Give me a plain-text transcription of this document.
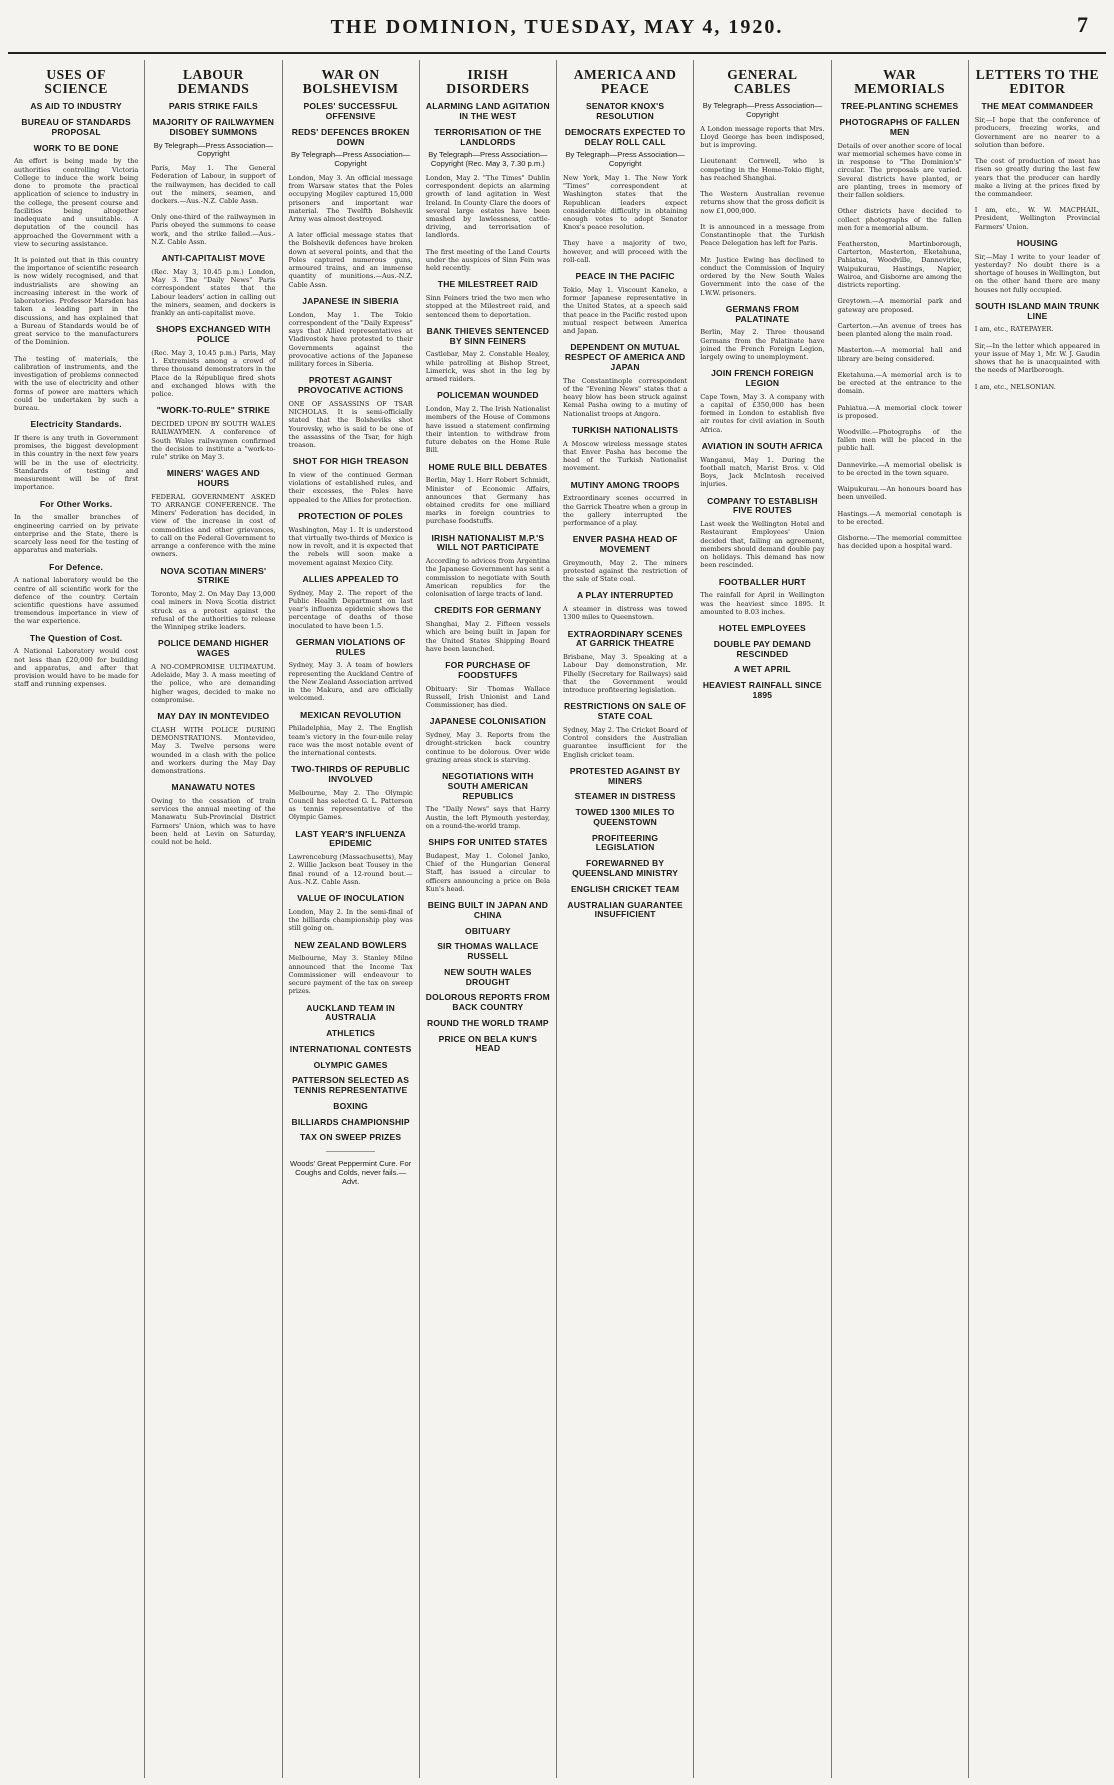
THE DOMINION, TUESDAY, MAY 4, 1920.	7
USES OF SCIENCE
AS AID TO INDUSTRY
BUREAU OF STANDARDS PROPOSAL
WORK TO BE DONE

An effort is being made by the authorities controlling Victoria College to induce the work being done to promote the practical application of science to industry in the college, the present course and facilities being altogether inadequate and unsuitable. A deputation of the council has approached the Government with a view to securing assistance.

It is pointed out that in this country the importance of scientific research is now widely recognised, and that industrialists are showing an increasing interest in the work of laboratories. Professor Marsden has taken a leading part in the discussions, and has explained that a Bureau of Standards would be of great service to the manufacturers of the Dominion.

The testing of materials, the calibration of instruments, and the investigation of problems connected with the use of electricity and other forms of power are matters which could be undertaken by such a bureau.

Electricity Standards.

If there is any truth in Government promises, the biggest development in this country in the next few years will be in the use of electricity. Standards of testing and measurement will be of first importance.

For Other Works.

In the smaller branches of engineering carried on by private enterprise and the State, there is scarcely less need for the testing of apparatus and materials.

For Defence.

A national laboratory would be the centre of all scientific work for the defence of the country. Certain scientific questions have assumed tremendous importance in view of the war experience.

The Question of Cost.

A National Laboratory would cost not less than £20,000 for building and apparatus, and after that provision would have to be made for staff and running expenses.

LABOUR DEMANDS
PARIS STRIKE FAILS
MAJORITY OF RAILWAYMEN DISOBEY SUMMONS
By Telegraph—Press Association—Copyright

Paris, May 1. The General Federation of Labour, in support of the railwaymen, has decided to call out the miners, seamen, and dockers.—Aus.-N.Z. Cable Assn.

Only one-third of the railwaymen in Paris obeyed the summons to cease work, and the strike failed.—Aus.-N.Z. Cable Assn.

ANTI-CAPITALIST MOVE

(Rec. May 3, 10.45 p.m.) London, May 3. The "Daily News" Paris correspondent states that the Labour leaders' action in calling out the miners, seamen, and dockers is frankly an anti-capitalist move.

SHOPS EXCHANGED WITH POLICE

(Rec. May 3, 10.45 p.m.) Paris, May 1. Extremists among a crowd of three thousand demonstrators in the Place de la République fired shots and exchanged blows with the police.

"WORK-TO-RULE" STRIKE

DECIDED UPON BY SOUTH WALES RAILWAYMEN. A conference of South Wales railwaymen confirmed the decision to institute a "work-to-rule" strike on May 3.

MINERS' WAGES AND HOURS

FEDERAL GOVERNMENT ASKED TO ARRANGE CONFERENCE. The Miners' Federation has decided, in view of the increase in cost of commodities and other grievances, to call on the Federal Government to arrange a conference with the mine owners.

NOVA SCOTIAN MINERS' STRIKE

Toronto, May 2. On May Day 13,000 coal miners in Nova Scotia district struck as a protest against the refusal of the authorities to release the Winnipeg strike leaders.

POLICE DEMAND HIGHER WAGES

A NO-COMPROMISE ULTIMATUM. Adelaide, May 3. A mass meeting of the police, who are demanding higher wages, decided to make no compromise.

MAY DAY IN MONTEVIDEO

CLASH WITH POLICE DURING DEMONSTRATIONS. Montevideo, May 3. Twelve persons were wounded in a clash with the police and workers during the May Day demonstrations.

MANAWATU NOTES

Owing to the cessation of train services the annual meeting of the Manawatu Sub-Provincial District Farmers' Union, which was to have been held at Levin on Saturday, could not be held.

WAR ON BOLSHEVISM
POLES' SUCCESSFUL OFFENSIVE
REDS' DEFENCES BROKEN DOWN
By Telegraph—Press Association—Copyright

London, May 3. An official message from Warsaw states that the Poles occupying Mogilev captured 15,000 prisoners and important war material. The Twelfth Bolshevik Army was almost destroyed.

A later official message states that the Bolshevik defences have broken down at several points, and that the Poles captured numerous guns, armoured trains, and an immense quantity of munitions.—Aus.-N.Z. Cable Assn.

JAPANESE IN SIBERIA

London, May 1. The Tokio correspondent of the "Daily Express" says that Allied representatives at Vladivostok have protested to their Governments against the provocative actions of the Japanese military forces in Siberia.

PROTEST AGAINST PROVOCATIVE ACTIONS

ONE OF ASSASSINS OF TSAR NICHOLAS. It is semi-officially stated that the Bolsheviks shot Yourovsky, who is said to be one of the assassins of the Tsar, for high treason.

SHOT FOR HIGH TREASON

In view of the continued German violations of established rules, and their excesses, the Poles have appealed to the Allies for protection.

PROTECTION OF POLES

Washington, May 1. It is understood that virtually two-thirds of Mexico is now in revolt, and it is expected that the rebels will soon make a movement against Mexico City.

ALLIES APPEALED TO

Sydney, May 2. The report of the Public Health Department on last year's influenza epidemic shows the percentage of deaths of those inoculated to have been 1.5.

GERMAN VIOLATIONS OF RULES

Sydney, May 3. A team of bowlers representing the Auckland Centre of the New Zealand Association arrived in the Makura, and are officially welcomed.

MEXICAN REVOLUTION

Philadelphia, May 2. The English team's victory in the four-mile relay race was the most notable event of the international contests.

TWO-THIRDS OF REPUBLIC INVOLVED

Melbourne, May 2. The Olympic Council has selected G. L. Patterson as tennis representative of the Olympic Games.

LAST YEAR'S INFLUENZA EPIDEMIC

Lawrenceburg (Massachusetts), May 2. Willie Jackson beat Tousey in the final round of a 12-round bout.—Aus.-N.Z. Cable Assn.

VALUE OF INOCULATION

London, May 2. In the semi-final of the billiards championship play was still going on.

NEW ZEALAND BOWLERS

Melbourne, May 3. Stanley Milne announced that the Income Tax Commissioner will endeavour to secure payment of the tax on sweep prizes.

AUCKLAND TEAM IN AUSTRALIA
ATHLETICS
INTERNATIONAL CONTESTS
OLYMPIC GAMES
PATTERSON SELECTED AS TENNIS REPRESENTATIVE
BOXING
BILLIARDS CHAMPIONSHIP
TAX ON SWEEP PRIZES
Woods' Great Peppermint Cure. For Coughs and Colds, never fails.—Advt.
IRISH DISORDERS
ALARMING LAND AGITATION IN THE WEST
TERRORISATION OF THE LANDLORDS
By Telegraph—Press Association—Copyright (Rec. May 3, 7.30 p.m.)

London, May 2. "The Times" Dublin correspondent depicts an alarming growth of land agitation in West Ireland. In County Clare the doors of several large estates have been smashed by lawlessness, cattle-driving, and terrorisation of landlords.

The first meeting of the Land Courts under the auspices of Sinn Fein was held recently.

THE MILESTREET RAID

Sinn Feiners tried the two men who stopped at the Milestreet raid, and sentenced them to deportation.

BANK THIEVES SENTENCED BY SINN FEINERS

Castlebar, May 2. Constable Healey, while patrolling at Bishop Street, Limerick, was shot in the leg by armed raiders.

POLICEMAN WOUNDED

London, May 2. The Irish Nationalist members of the House of Commons have issued a statement confirming their intention to withdraw from future debates on the Home Rule Bill.

HOME RULE BILL DEBATES

Berlin, May 1. Herr Robert Schmidt, Minister of Economic Affairs, announces that Germany has obtained credits for one milliard marks in foreign countries to purchase foodstuffs.

IRISH NATIONALIST M.P.'S WILL NOT PARTICIPATE

According to advices from Argentina the Japanese Government has sent a commission to negotiate with South American republics for the colonisation of large tracts of land.

CREDITS FOR GERMANY

Shanghai, May 2. Fifteen vessels which are being built in Japan for the United States Shipping Board have been launched.

FOR PURCHASE OF FOODSTUFFS

Obituary: Sir Thomas Wallace Russell, Irish Unionist and Land Commissioner, has died.

JAPANESE COLONISATION

Sydney, May 3. Reports from the drought-stricken back country continue to be dolorous. Over wide grazing areas stock is starving.

NEGOTIATIONS WITH SOUTH AMERICAN REPUBLICS

The "Daily News" says that Harry Austin, the left Plymouth yesterday, on a round-the-world tramp.

SHIPS FOR UNITED STATES

Budapest, May 1. Colonel Janko, Chief of the Hungarian General Staff, has issued a circular to officers announcing a price on Bela Kun's head.

BEING BUILT IN JAPAN AND CHINA
OBITUARY
SIR THOMAS WALLACE RUSSELL
NEW SOUTH WALES DROUGHT
DOLOROUS REPORTS FROM BACK COUNTRY
ROUND THE WORLD TRAMP
PRICE ON BELA KUN'S HEAD
AMERICA AND PEACE
SENATOR KNOX'S RESOLUTION
DEMOCRATS EXPECTED TO DELAY ROLL CALL
By Telegraph—Press Association—Copyright

New York, May 1. The New York "Times" correspondent at Washington states that the Republican leaders expect considerable difficulty in obtaining enough votes to adopt Senator Knox's peace resolution.

They have a majority of two, however, and will proceed with the roll-call.

PEACE IN THE PACIFIC

Tokio, May 1. Viscount Kaneko, a former Japanese representative in the United States, at a speech said that peace in the Pacific rested upon mutual respect between America and Japan.

DEPENDENT ON MUTUAL RESPECT OF AMERICA AND JAPAN

The Constantinople correspondent of the "Evening News" states that a heavy blow has been struck against Kemal Pasha owing to a mutiny of Nationalist troops at Angora.

TURKISH NATIONALISTS

A Moscow wireless message states that Enver Pasha has become the head of the Turkish Nationalist movement.

MUTINY AMONG TROOPS

Extraordinary scenes occurred in the Garrick Theatre when a group in the gallery interrupted the performance of a play.

ENVER PASHA HEAD OF MOVEMENT

Greymouth, May 2. The miners protested against the restriction of the sale of State coal.

A PLAY INTERRUPTED

A steamer in distress was towed 1300 miles to Queenstown.

EXTRAORDINARY SCENES AT GARRICK THEATRE

Brisbane, May 3. Speaking at a Labour Day demonstration, Mr. Fihelly (Secretary for Railways) said that the Government would introduce profiteering legislation.

RESTRICTIONS ON SALE OF STATE COAL

Sydney, May 2. The Cricket Board of Control considers the Australian guarantee insufficient for the English cricket team.

PROTESTED AGAINST BY MINERS
STEAMER IN DISTRESS
TOWED 1300 MILES TO QUEENSTOWN
PROFITEERING LEGISLATION
FOREWARNED BY QUEENSLAND MINISTRY
ENGLISH CRICKET TEAM
AUSTRALIAN GUARANTEE INSUFFICIENT
GENERAL CABLES
By Telegraph—Press Association—Copyright

A London message reports that Mrs. Lloyd George has been indisposed, but is improving.

Lieutenant Cornwell, who is competing in the Home-Tokio flight, has reached Shanghai.

The Western Australian revenue returns show that the gross deficit is now £1,000,000.

It is announced in a message from Constantinople that the Turkish Peace Delegation has left for Paris.

Mr. Justice Ewing has declined to conduct the Commission of Inquiry ordered by the New South Wales Government into the case of the I.W.W. prisoners.

GERMANS FROM PALATINATE

Berlin, May 2. Three thousand Germans from the Palatinate have joined the French Foreign Legion, largely owing to unemployment.

JOIN FRENCH FOREIGN LEGION

Cape Town, May 3. A company with a capital of £350,000 has been formed in London to establish five air routes for civil aviation in South Africa.

AVIATION IN SOUTH AFRICA

Wanganui, May 1. During the football match, Marist Bros. v. Old Boys, Jack McIntosh received injuries.

COMPANY TO ESTABLISH FIVE ROUTES

Last week the Wellington Hotel and Restaurant Employees' Union decided that, failing an agreement, members should demand double pay on holidays. This demand has now been rescinded.

FOOTBALLER HURT

The rainfall for April in Wellington was the heaviest since 1895. It amounted to 8.03 inches.

HOTEL EMPLOYEES
DOUBLE PAY DEMAND RESCINDED
A WET APRIL
HEAVIEST RAINFALL SINCE 1895
WAR MEMORIALS
TREE-PLANTING SCHEMES
PHOTOGRAPHS OF FALLEN MEN

Details of over another score of local war memorial schemes have come in in response to "The Dominion's" circular. The proposals are varied. Several districts have planted, or are planting, trees in memory of their fallen soldiers.

Other districts have decided to collect photographs of the fallen men for a memorial album.

Featherston, Martinborough, Carterton, Masterton, Eketahuna, Pahiatua, Woodville, Dannevirke, Waipukurau, Hastings, Napier, Wairoa, and Gisborne are among the districts reporting.

Greytown.—A memorial park and gateway are proposed.

Carterton.—An avenue of trees has been planted along the main road.

Masterton.—A memorial hall and library are being considered.

Eketahuna.—A memorial arch is to be erected at the entrance to the domain.

Pahiatua.—A memorial clock tower is proposed.

Woodville.—Photographs of the fallen men will be placed in the public hall.

Dannevirke.—A memorial obelisk is to be erected in the town square.

Waipukurau.—An honours board has been unveiled.

Hastings.—A memorial cenotaph is to be erected.

Gisborne.—The memorial committee has decided upon a hospital ward.

LETTERS TO THE EDITOR
THE MEAT COMMANDEER

Sir,—I hope that the conference of producers, freezing works, and Government are no nearer to a solution than before.

The cost of production of meat has risen so greatly during the last few years that the producer can hardly make a living at the prices fixed by the commandeer.

I am, etc., W. W. MACPHAIL, President, Wellington Provincial Farmers' Union.

HOUSING

Sir,—May I write to your leader of yesterday? No doubt there is a shortage of houses in Wellington, but on the other hand there are many houses not fully occupied.

SOUTH ISLAND MAIN TRUNK LINE

I am, etc., RATEPAYER.

Sir,—In the letter which appeared in your issue of May 1, Mr. W. J. Gaudin shows that he is unacquainted with the needs of Marlborough.

I am, etc., NELSONIAN.
